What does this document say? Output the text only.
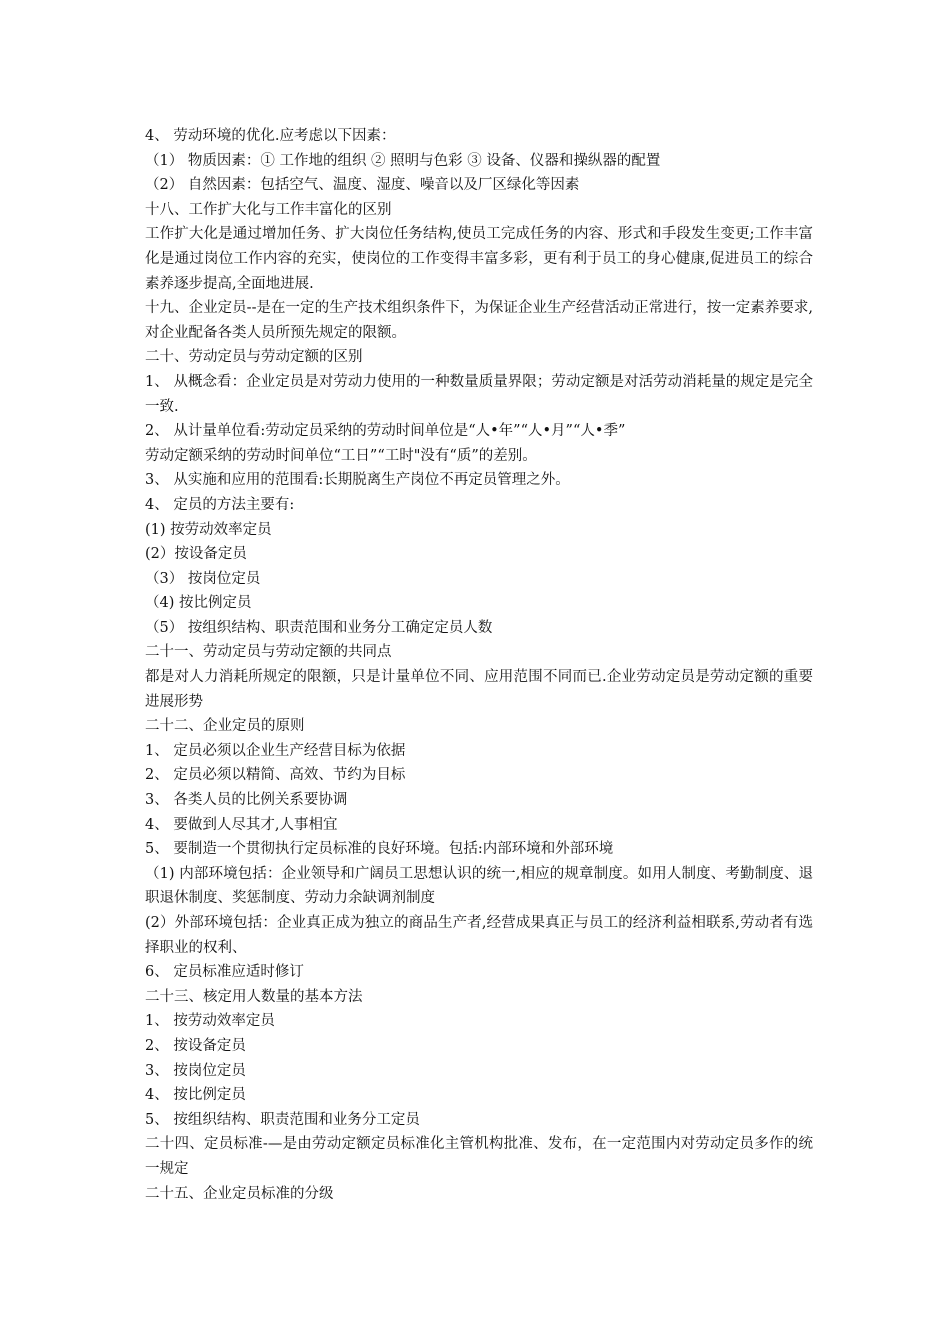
4、 劳动环境的优化.应考虑以下因素：
（1） 物质因素：① 工作地的组织 ② 照明与色彩 ③ 设备、仪器和操纵器的配置
（2） 自然因素：包括空气、温度、湿度、噪音以及厂区绿化等因素
十八、工作扩大化与工作丰富化的区别
工作扩大化是通过增加任务、扩大岗位任务结构,使员工完成任务的内容、形式和手段发生变更;工作丰富化是通过岗位工作内容的充实，使岗位的工作变得丰富多彩，更有利于员工的身心健康,促进员工的综合素养逐步提高,全面地进展.
十九、企业定员--是在一定的生产技术组织条件下，为保证企业生产经营活动正常进行，按一定素养要求,对企业配备各类人员所预先规定的限额。
二十、劳动定员与劳动定额的区别
1、 从概念看：企业定员是对劳动力使用的一种数量质量界限；劳动定额是对活劳动消耗量的规定是完全一致.
2、 从计量单位看:劳动定员采纳的劳动时间单位是“人•年”“人•月”“人•季”
劳动定额采纳的劳动时间单位“工日”“工时"没有“质”的差别。
3、 从实施和应用的范围看:长期脱离生产岗位不再定员管理之外。
4、 定员的方法主要有:
(1) 按劳动效率定员
(2）按设备定员
（3） 按岗位定员
（4) 按比例定员
（5） 按组织结构、职责范围和业务分工确定定员人数
二十一、劳动定员与劳动定额的共同点
都是对人力消耗所规定的限额，只是计量单位不同、应用范围不同而已.企业劳动定员是劳动定额的重要进展形势
二十二、企业定员的原则
1、 定员必须以企业生产经营目标为依据
2、 定员必须以精简、高效、节约为目标
3、 各类人员的比例关系要协调
4、 要做到人尽其才,人事相宜
5、 要制造一个贯彻执行定员标准的良好环境。包括:内部环境和外部环境
（1) 内部环境包括：企业领导和广阔员工思想认识的统一,相应的规章制度。如用人制度、考勤制度、退职退休制度、奖惩制度、劳动力余缺调剂制度
(2）外部环境包括：企业真正成为独立的商品生产者,经营成果真正与员工的经济利益相联系,劳动者有选择职业的权利、
6、 定员标准应适时修订
二十三、核定用人数量的基本方法
1、 按劳动效率定员
2、 按设备定员
3、 按岗位定员
4、 按比例定员
5、 按组织结构、职责范围和业务分工定员
二十四、定员标准-—是由劳动定额定员标准化主管机构批准、发布，在一定范围内对劳动定员多作的统一规定
二十五、企业定员标准的分级
